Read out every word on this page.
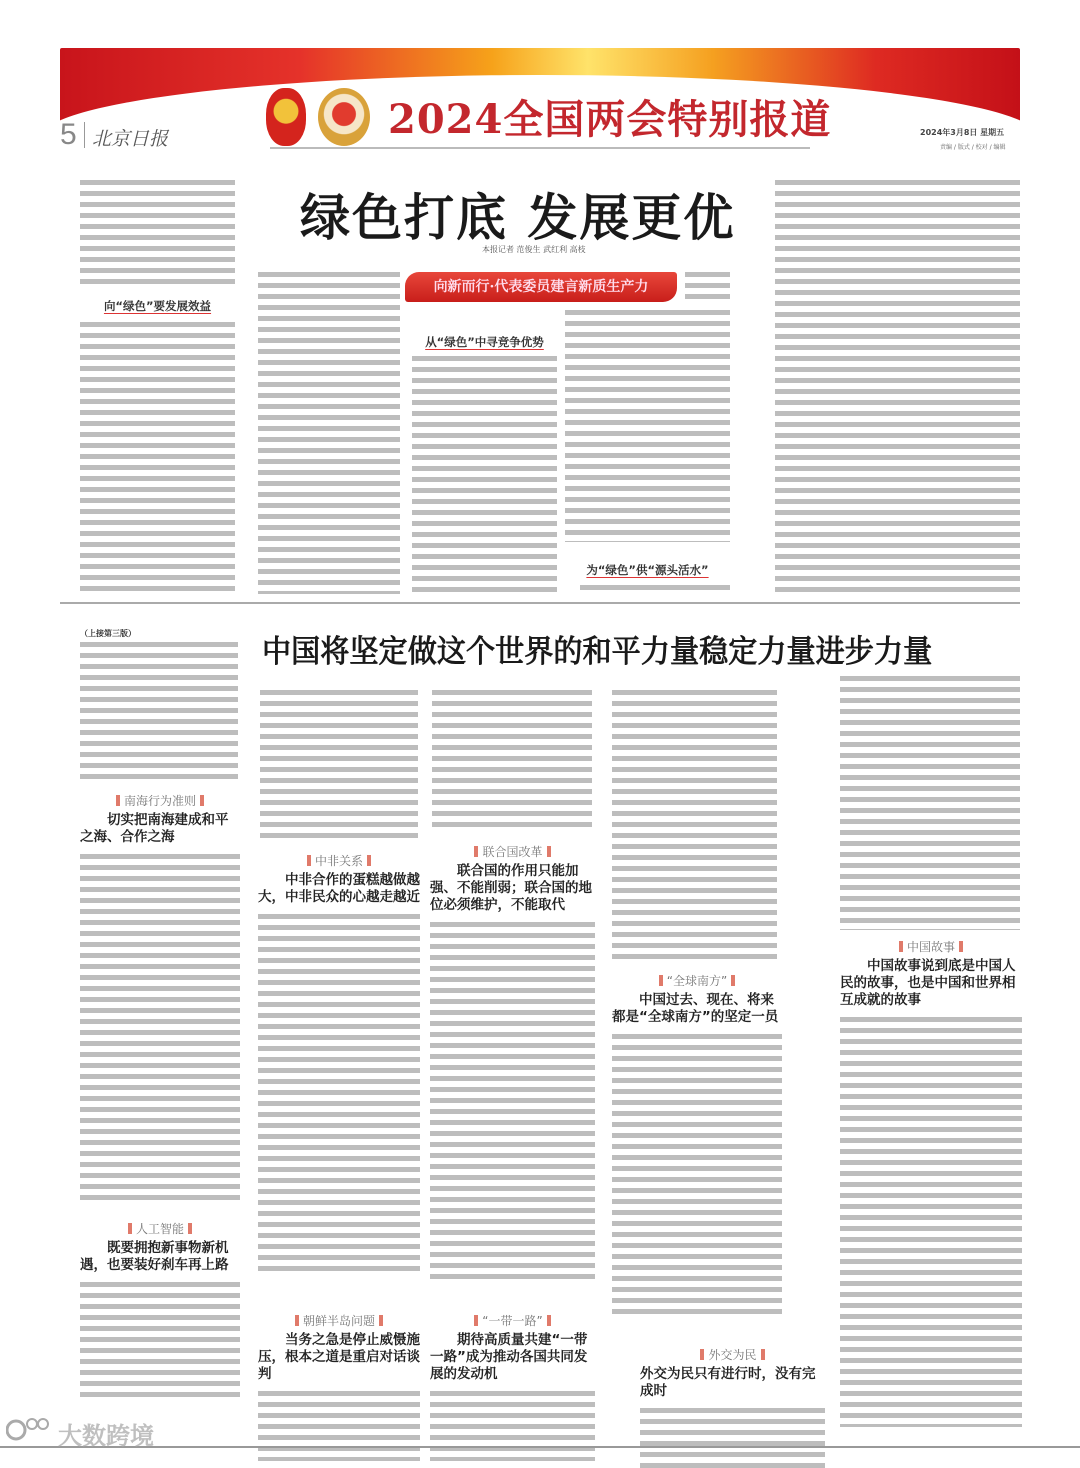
5 北京日报	2024全国两会特别报道	2024年3月8日 星期五
责编 / 版式 / 校对 / 编辑
向“绿色”要发展效益
绿色打底 发展更优
本报记者 范俊生 武红利 高枝
从“绿色”中寻竞争优势
向新而行·代表委员建言新质生产力
为“绿色”供“源头活水”
（上接第三版）
中国将坚定做这个世界的和平力量稳定力量进步力量
南海行为准则
切实把南海建成和平之海、合作之海
中非关系
中非合作的蛋糕越做越大，中非民众的心越走越近
联合国改革
联合国的作用只能加强、不能削弱；联合国的地位必须维护，不能取代
“全球南方”
中国过去、现在、将来都是“全球南方”的坚定一员
中国故事
中国故事说到底是中国人民的故事，也是中国和世界相互成就的故事
人工智能
既要拥抱新事物新机遇，也要装好刹车再上路
朝鲜半岛问题
当务之急是停止威慑施压，根本之道是重启对话谈判
“一带一路”
期待高质量共建“一带一路”成为推动各国共同发展的发动机
外交为民
外交为民只有进行时，没有完成时
大数跨境
